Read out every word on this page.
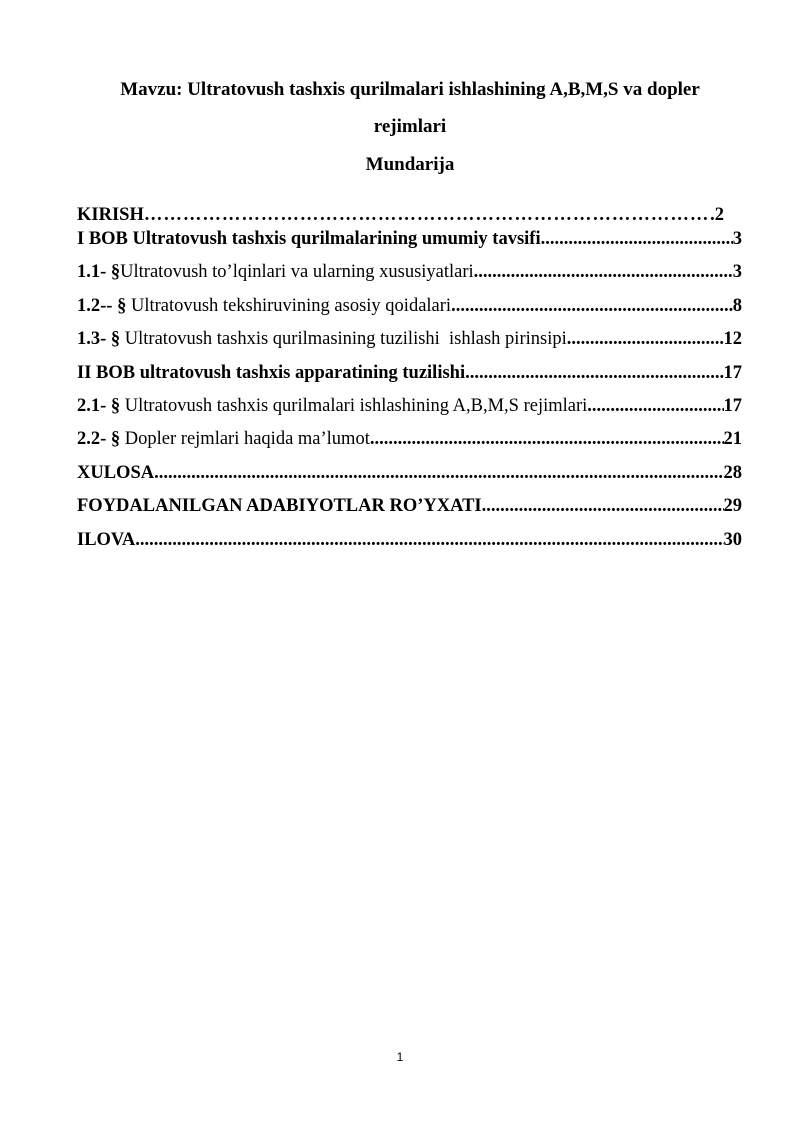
Mavzu: Ultratovush tashxis qurilmalari ishlashining A,B,M,S va dopler
rejimlari
Mundarija
KIRISH …………………………………………………………………………………………………………………………	2
I BOB Ultratovush tashxis qurilmalarining umumiy tavsifi .....	3
1.1- § Ultratovush to’lqinlari va ularning xususiyatlari .....	3
1.2-- § Ultratovush tekshiruvining asosiy qoidalari .....	8
1.3- § Ultratovush tashxis qurilmasining tuzilishi  ishlash pirinsipi .....	12
II BOB ultratovush tashxis apparatining tuzilishi .....	17
2.1- § Ultratovush tashxis qurilmalari ishlashining A,B,M,S rejimlari .....	17
2.2- § Dopler rejmlari haqida ma’lumot .....	21
XULOSA .....	28
FOYDALANILGAN ADABIYOTLAR RO’YXATI .....	29
ILOVA .....	30
1
